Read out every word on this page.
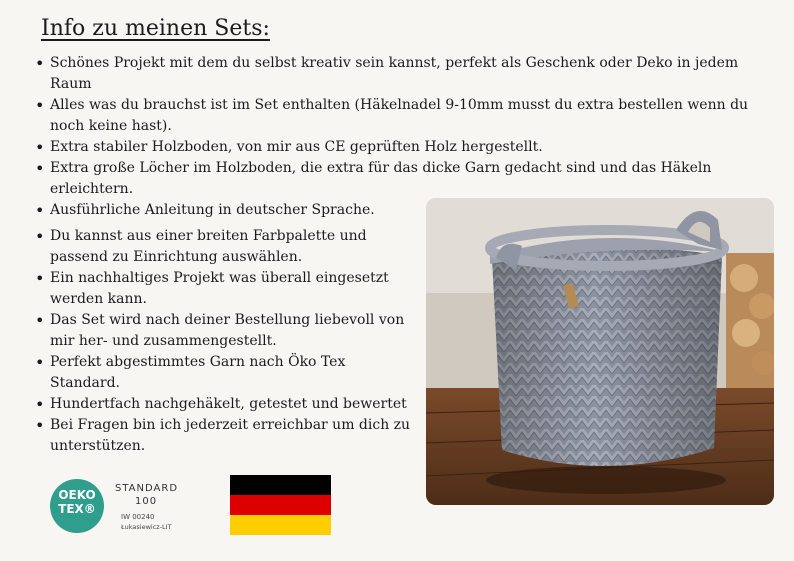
Info zu meinen Sets:
• Schönes Projekt mit dem du selbst kreativ sein kannst, perfekt als Geschenk oder Deko in jedem Raum
• Alles was du brauchst ist im Set enthalten (Häkelnadel 9-10mm musst du extra bestellen wenn du noch keine hast).
• Extra stabiler Holzboden, von mir aus CE geprüften Holz hergestellt.
• Extra große Löcher im Holzboden, die extra für das dicke Garn gedacht sind und das Häkeln erleichtern.
• Ausführliche Anleitung in deutscher Sprache.
• Du kannst aus einer breiten Farbpalette und passend zu Einrichtung auswählen.
• Ein nachhaltiges Projekt was überall eingesetzt werden kann.
• Das Set wird nach deiner Bestellung liebevoll von mir her- und zusammengestellt.
• Perfekt abgestimmtes Garn nach Öko Tex Standard.
• Hundertfach nachgehäkelt, getestet und bewertet
• Bei Fragen bin ich jederzeit erreichbar um dich zu unterstützen.
OEKO
TEX®
STANDARD
100
IW 00240
Łukasiewicz-LIT
